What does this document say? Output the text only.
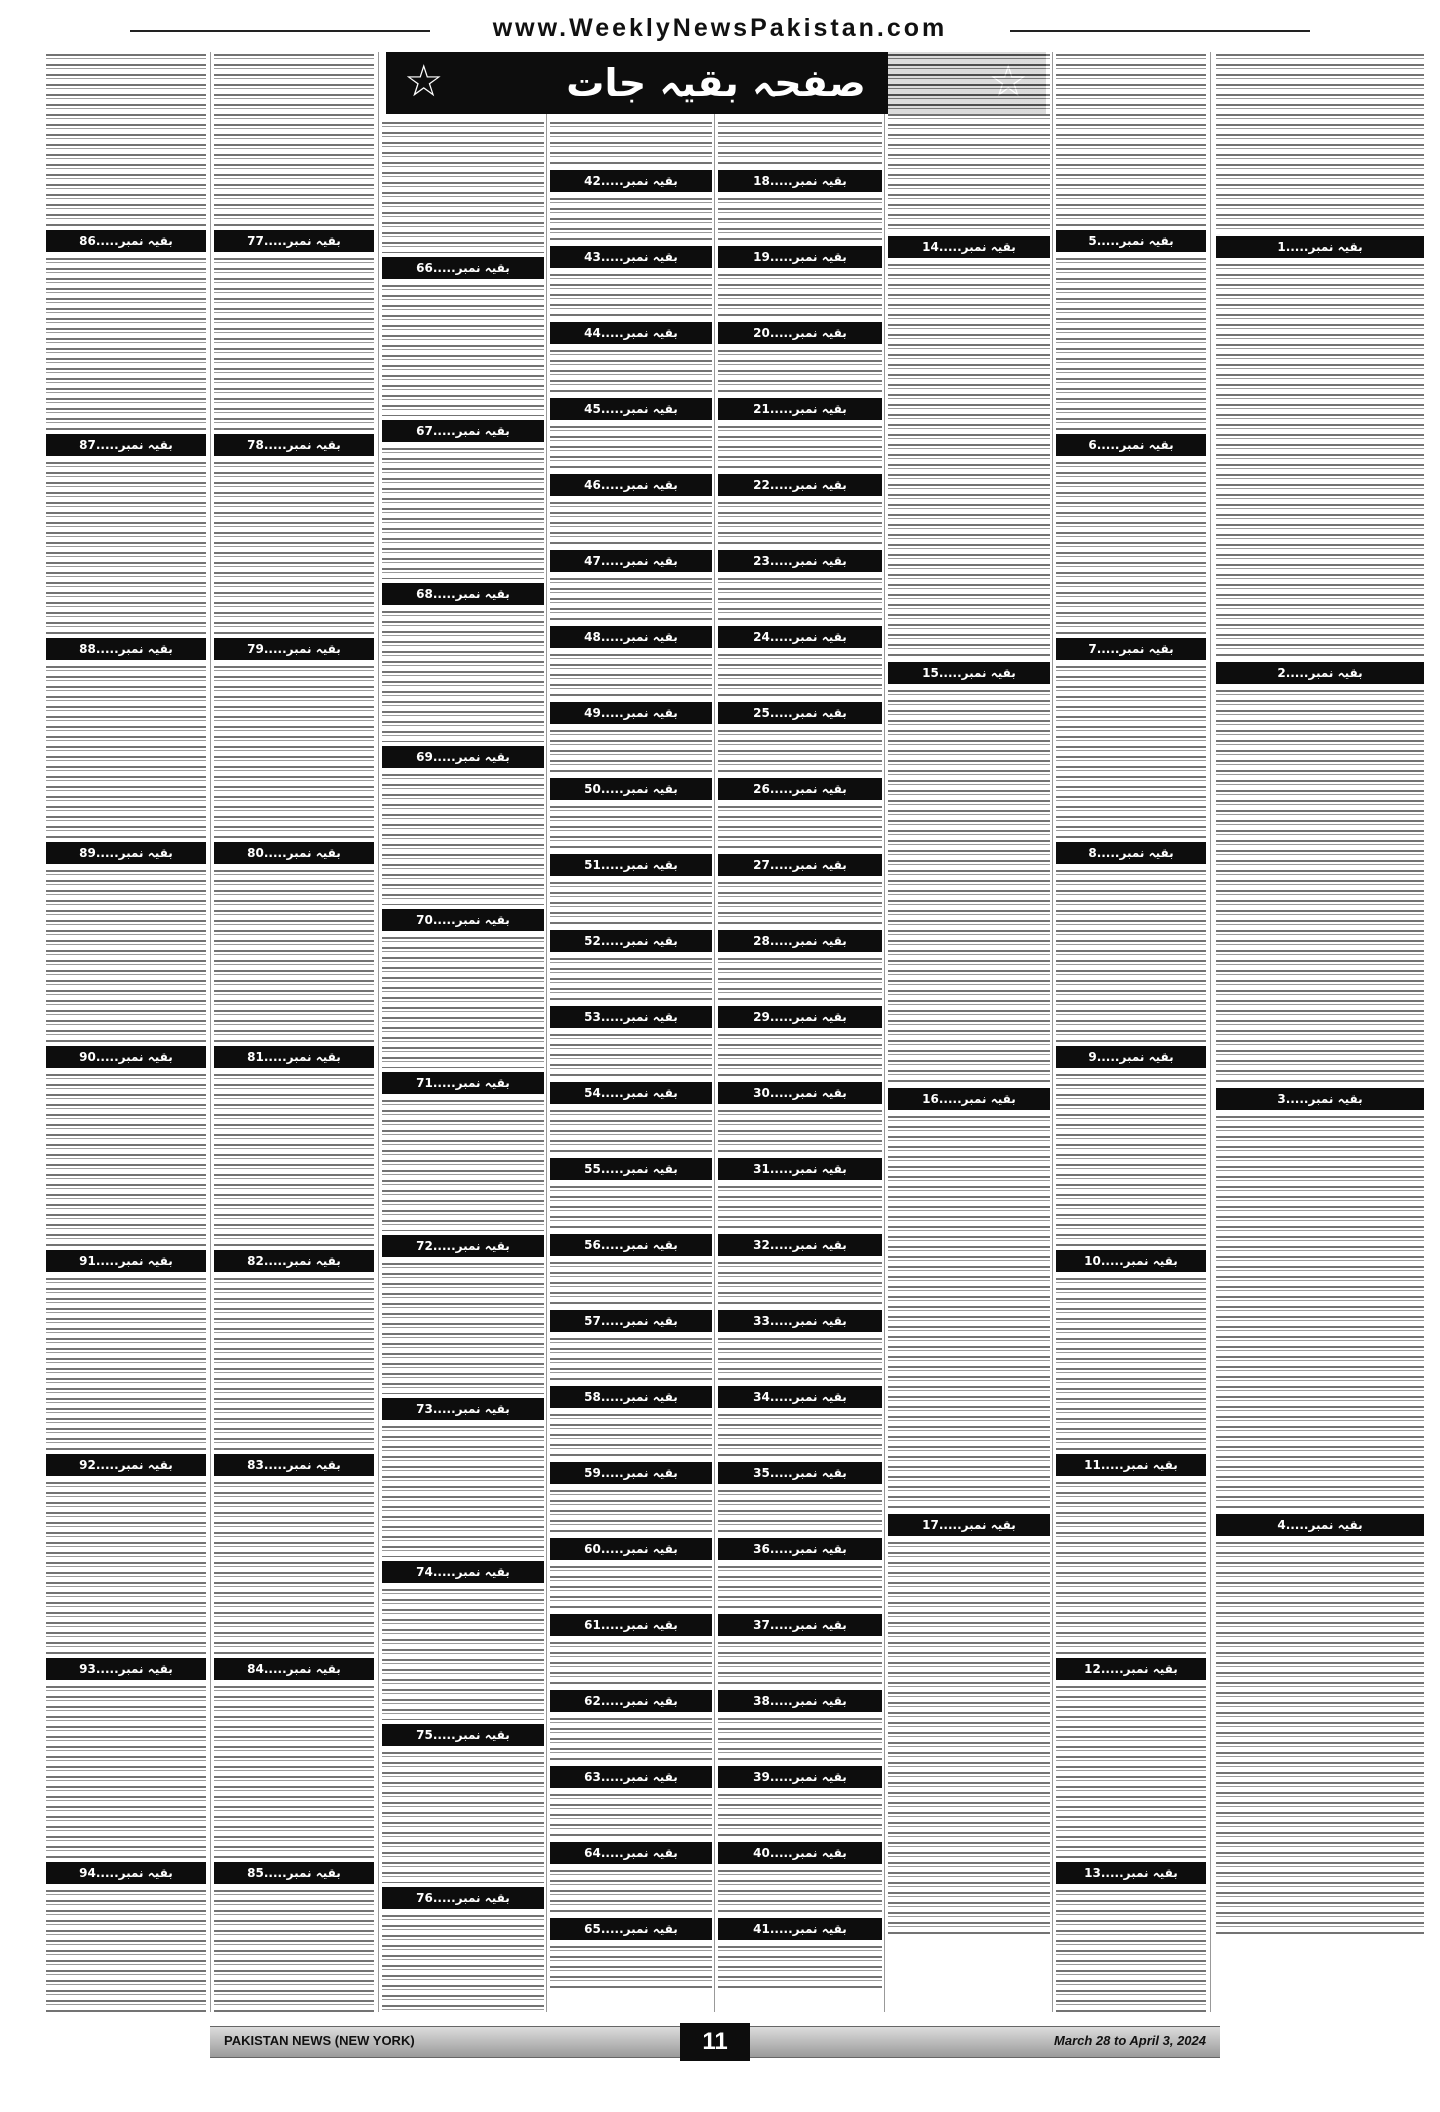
www.WeeklyNewsPakistan.com
صفحہ بقیہ جات
☆
بقیہ نمبر.....1
بقیہ نمبر.....2
بقیہ نمبر.....3
بقیہ نمبر.....4
بقیہ نمبر.....5
بقیہ نمبر.....6
بقیہ نمبر.....7
بقیہ نمبر.....8
بقیہ نمبر.....9
بقیہ نمبر.....10
بقیہ نمبر.....11
بقیہ نمبر.....12
بقیہ نمبر.....13
بقیہ نمبر.....14
بقیہ نمبر.....15
بقیہ نمبر.....16
بقیہ نمبر.....17
بقیہ نمبر.....18
بقیہ نمبر.....19
بقیہ نمبر.....20
بقیہ نمبر.....21
بقیہ نمبر.....22
بقیہ نمبر.....23
بقیہ نمبر.....24
بقیہ نمبر.....25
بقیہ نمبر.....26
بقیہ نمبر.....27
بقیہ نمبر.....28
بقیہ نمبر.....29
بقیہ نمبر.....30
بقیہ نمبر.....31
بقیہ نمبر.....32
بقیہ نمبر.....33
بقیہ نمبر.....34
بقیہ نمبر.....35
بقیہ نمبر.....36
بقیہ نمبر.....37
بقیہ نمبر.....38
بقیہ نمبر.....39
بقیہ نمبر.....40
بقیہ نمبر.....41
بقیہ نمبر.....42
بقیہ نمبر.....43
بقیہ نمبر.....44
بقیہ نمبر.....45
بقیہ نمبر.....46
بقیہ نمبر.....47
بقیہ نمبر.....48
بقیہ نمبر.....49
بقیہ نمبر.....50
بقیہ نمبر.....51
بقیہ نمبر.....52
بقیہ نمبر.....53
بقیہ نمبر.....54
بقیہ نمبر.....55
بقیہ نمبر.....56
بقیہ نمبر.....57
بقیہ نمبر.....58
بقیہ نمبر.....59
بقیہ نمبر.....60
بقیہ نمبر.....61
بقیہ نمبر.....62
بقیہ نمبر.....63
بقیہ نمبر.....64
بقیہ نمبر.....65
بقیہ نمبر.....66
بقیہ نمبر.....67
بقیہ نمبر.....68
بقیہ نمبر.....69
بقیہ نمبر.....70
بقیہ نمبر.....71
بقیہ نمبر.....72
بقیہ نمبر.....73
بقیہ نمبر.....74
بقیہ نمبر.....75
بقیہ نمبر.....76
بقیہ نمبر.....77
بقیہ نمبر.....78
بقیہ نمبر.....79
بقیہ نمبر.....80
بقیہ نمبر.....81
بقیہ نمبر.....82
بقیہ نمبر.....83
بقیہ نمبر.....84
بقیہ نمبر.....85
بقیہ نمبر.....86
بقیہ نمبر.....87
بقیہ نمبر.....88
بقیہ نمبر.....89
بقیہ نمبر.....90
بقیہ نمبر.....91
بقیہ نمبر.....92
بقیہ نمبر.....93
بقیہ نمبر.....94
PAKISTAN NEWS (NEW YORK)	11	March 28 to April 3, 2024
